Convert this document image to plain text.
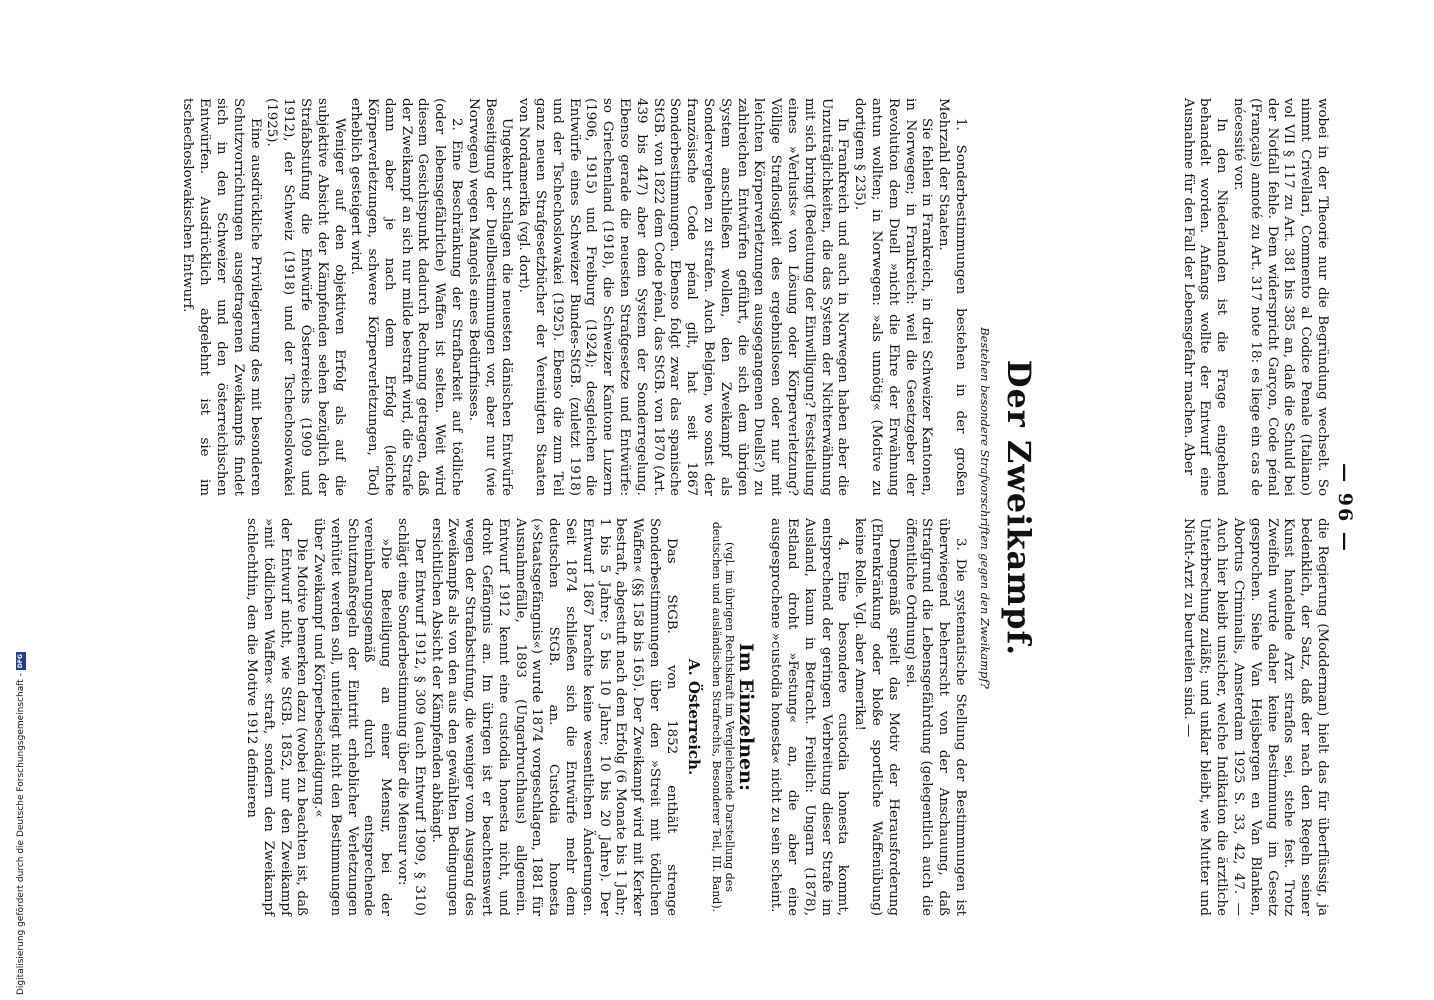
— 96 —

wobei in der Theorie nur die Begründung wechselt. So nimmt Crivellari, Commento al Codice Penale (Italiano) vol VII § 117 zu Art. 381 bis 385 an, daß die Schuld bei der Notfall fehle. Dem widerspricht Garçon, Code pénal (Français) annoté zu Art. 317 note 18: es liege ein cas de nécessité vor.

In den Niederlanden ist die Frage eingehend behandelt worden. Anfangs wollte der Entwurf eine Ausnahme für den Fall der Lebensgefahr machen. Aber

die Regierung (Modderman) hielt das für überflüssig, ja bedenklich, der Satz, daß der nach den Regeln seiner Kunst handelnde Arzt straflos sei, stehe fest. Trotz Zweifeln wurde daher keine Bestimmung im Gesetz gesprochen. Siehe Van Heijsbergen en Van Blanken, Abortus Criminalis, Amsterdam 1925 S. 33, 42, 47. — Auch hier bleibt unsicher, welche Indikation die ärztliche Unterbrechung zuläßt; und unklar bleibt, wie Mutter und Nicht-Arzt zu beurteilen sind. —

Der Zweikampf.
Bestehen besondere Strafvorschriften gegen den Zweikampf?

1. Sonderbestimmungen bestehen in der großen Mehrzahl der Staaten.

Sie fehlen in Frankreich, in drei Schweizer Kantonen, in Norwegen; in Frankreich: weil die Gesetzgeber der Revolution dem Duell »nicht die Ehre der Erwähnung antun wollten; in Norwegen: »als unnötig« (Motive zu dortigem § 235).

In Frankreich und auch in Norwegen haben aber die Unzuträglichkeiten, die das System der Nichterwähnung mit sich bringt (Bedeutung der Einwilligung? Feststellung eines »Verlusts« von Lösung oder Körperverletzung? Völlige Straflosigkeit des ergebnislosen oder nur mit leichten Körperverletzungen ausgegangenen Duells?) zu zahlreichen Entwürfen geführt, die sich dem übrigen System anschließen wollen, den Zweikampf als Sondervergehen zu strafen. Auch Belgien, wo sonst der französische Code pénal gilt, hat seit 1867 Sonderbestimmungen. Ebenso folgt zwar das spanische StGB. von 1822 dem Code pénal, das StGB. von 1870 (Art. 439 bis 447) aber dem System der Sonderregelung. Ebenso gerade die neuesten Strafgesetze und Entwürfe: so Griechenland (1918), die Schweizer Kantone Luzern (1906, 1915) und Freiburg (1924); desgleichen die Entwürfe eines Schweizer Bundes-StGB. (zuletzt 1918) und der Tschechoslowakei (1925). Ebenso die zum Teil ganz neuen Strafgesetzbücher der Vereinigten Staaten von Nordamerika (vgl. dort).

Ungekehrt schlagen die neuesten dänischen Entwürfe Beseitigung der Duellbestimmungen vor, aber nur (wie Norwegen) wegen Mangels eines Bedürfnisses.

2. Eine Beschränkung der Strafbarkeit auf tödliche (oder lebensgefährliche) Waffen ist selten. Weit wird diesem Gesichtspunkt dadurch Rechnung getragen, daß der Zweikampf an sich nur milde bestraft wird, die Strafe dann aber je nach dem Erfolg (leichte Körperverletzungen, schwere Körperverletzungen, Tod) erheblich gesteigert wird.

Weniger auf den objektiven Erfolg als auf die subjektive Absicht der Kämpfenden sehen bezüglich der Strafabstufung die Entwürfe Österreichs (1909 und 1912), der Schweiz (1918) und der Tschechoslowakei (1925).

Eine ausdrückliche Privilegierung des mit besonderen Schutzvorrichtungen ausgetragenen Zweikampfs findet sich in den Schweizer und den österreichischen Entwürfen. Ausdrücklich abgelehnt ist sie im tschechoslowakischen Entwurf.

3. Die systematische Stellung der Bestimmungen ist überwiegend beherrscht von der Anschauung, daß Strafgrund die Lebensgefährdung (gelegentlich auch die öffentliche Ordnung) sei.

Demgemäß spielt das Motiv der Herausforderung (Ehrenkränkung oder bloße sportliche Waffenübung) keine Rolle. Vgl. aber Amerika!

4. Eine besondere custodia honesta kommt, entsprechend der geringen Verbreitung dieser Strafe im Ausland, kaum in Betracht. Freilich: Ungarn (1878), Estland droht »Festung« an, die aber eine ausgesprochene »custodia honesta« nicht zu sein scheint.

Im Einzelnen:
(vgl. im übrigen Rechtskraft im Vergleichende Darstellung des deutschen und ausländischen Strafrechts, Besonderer Teil, III. Band).
A. Österreich.

Das StGB. von 1852 enthält strenge Sonderbestimmungen über den »Streit mit tödlichen Waffen« (§§ 158 bis 165). Der Zweikampf wird mit Kerker bestraft, abgestuft nach dem Erfolg (6 Monate bis 1 Jahr; 1 bis 5 Jahre; 5 bis 10 Jahre; 10 bis 20 Jahre). Der Entwurf 1867 brachte keine wesentlichen Änderungen. Seit 1874 schließen sich die Entwürfe mehr dem deutschen StGB. an. Custodia honesta (»Staatsgefängnis«) wurde 1874 vorgeschlagen, 1881 für Ausnahmefälle, 1893 (Ungarbruchhaus) allgemein. Entwurf 1912 kennt eine custodia honesta nicht, und droht Gefängnis an. Im übrigen ist er beachtenswert wegen der Strafabstufung, die weniger vom Ausgang des Zweikampfs als von den aus den gewählten Bedingungen ersichtlichen Absicht der Kämpfenden abhängt.

Der Entwurf 1912, § 309 (auch Entwurf 1909, § 310) schlägt eine Sonderbestimmung über die Mensur vor:

»Die Beteiligung an einer Mensur, bei der vereinbarungsgemäß durch entsprechende Schutzmaßregeln der Eintritt erheblicher Verletzungen verhütet werden soll, unterliegt nicht den Bestimmungen über Zweikampf und Körperbeschädigung.«

Die Motive bemerken dazu (wobei zu beachten ist, daß der Entwurf nicht, wie StGB. 1852, nur den Zweikampf »mit tödlichen Waffen« straft, sondern den Zweikampf schlechthin, den die Motive 1912 definieren

Digitalisierung gefördert durch die Deutsche Forschungsgemeinschaft -
DFG
